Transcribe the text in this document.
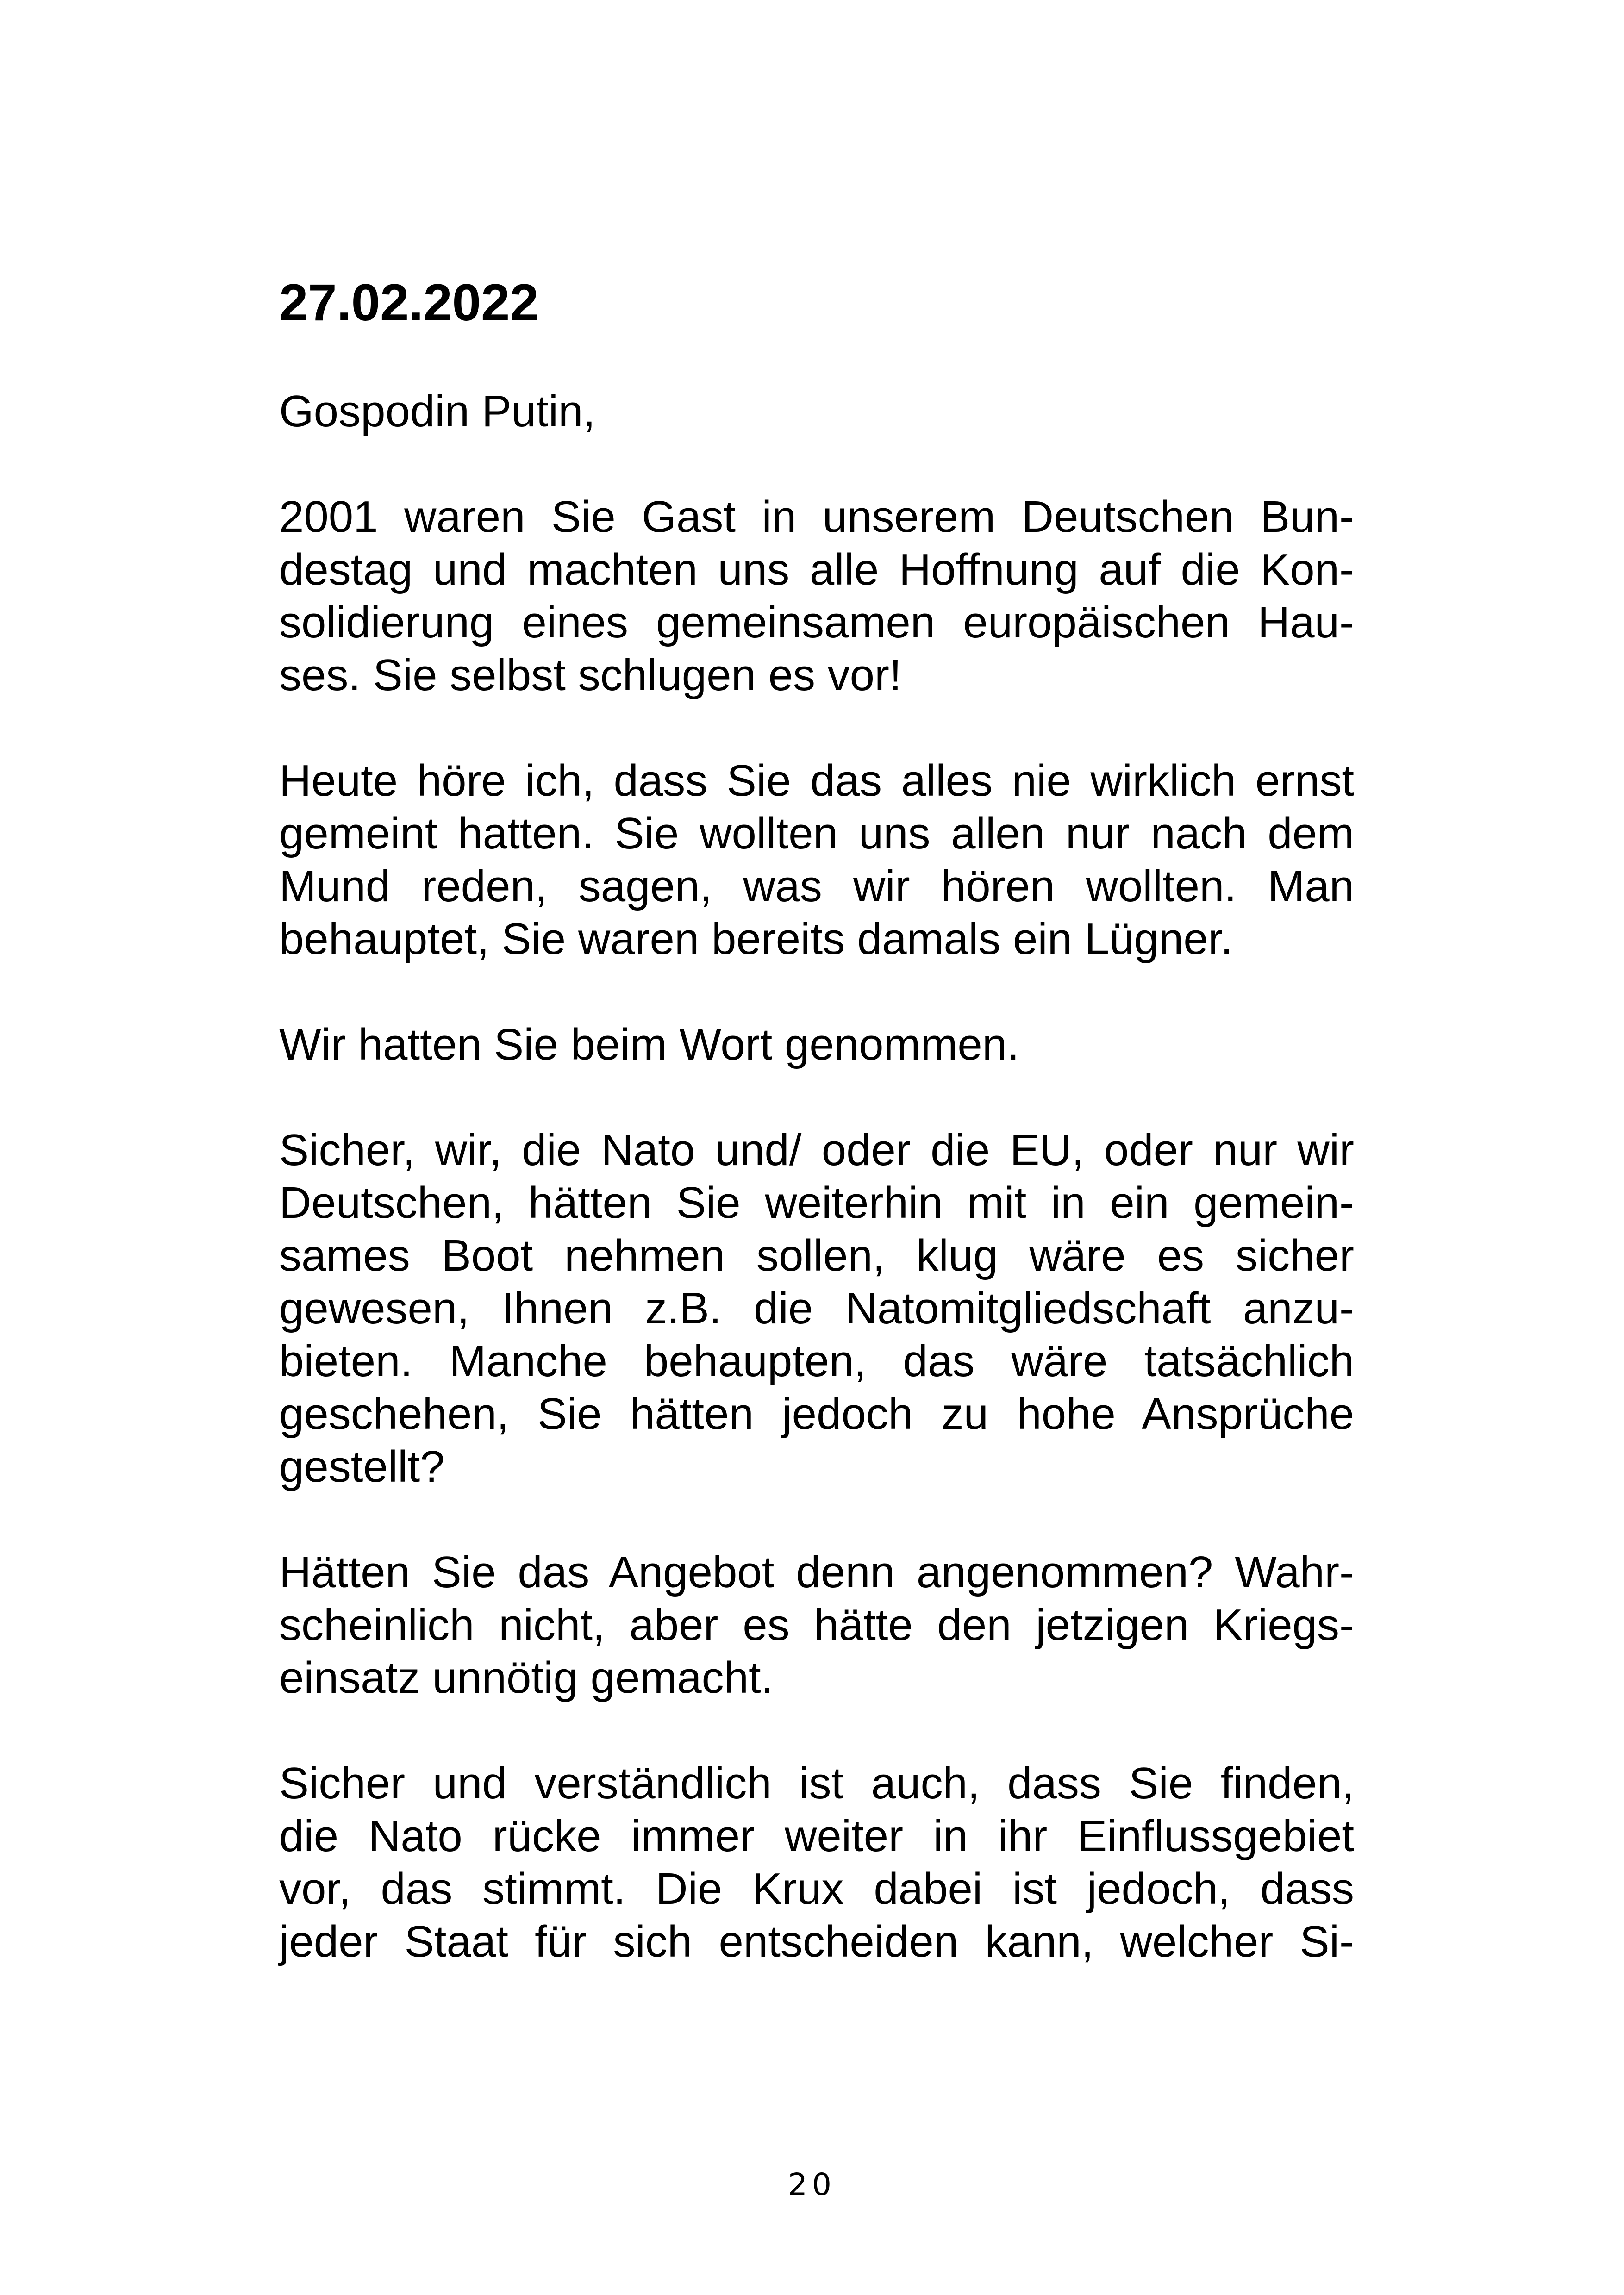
27.02.2022
Gospodin Putin,
2001 waren Sie Gast in unserem Deutschen Bun-
destag und machten uns alle Hoffnung auf die Kon-
solidierung eines gemeinsamen europäischen Hau-
ses. Sie selbst schlugen es vor!
Heute höre ich, dass Sie das alles nie wirklich ernst
gemeint hatten. Sie wollten uns allen nur nach dem
Mund reden, sagen, was wir hören wollten. Man
behauptet, Sie waren bereits damals ein Lügner.
Wir hatten Sie beim Wort genommen.
Sicher, wir, die Nato und/ oder die EU, oder nur wir
Deutschen, hätten Sie weiterhin mit in ein gemein-
sames Boot nehmen sollen, klug wäre es sicher
gewesen, Ihnen z.B. die Natomitgliedschaft anzu-
bieten. Manche behaupten, das wäre tatsächlich
geschehen, Sie hätten jedoch zu hohe Ansprüche
gestellt?
Hätten Sie das Angebot denn angenommen? Wahr-
scheinlich nicht, aber es hätte den jetzigen Kriegs-
einsatz unnötig gemacht.
Sicher und verständlich ist auch, dass Sie finden,
die Nato rücke immer weiter in ihr Einflussgebiet
vor, das stimmt. Die Krux dabei ist jedoch, dass
jeder Staat für sich entscheiden kann, welcher Si-
20
